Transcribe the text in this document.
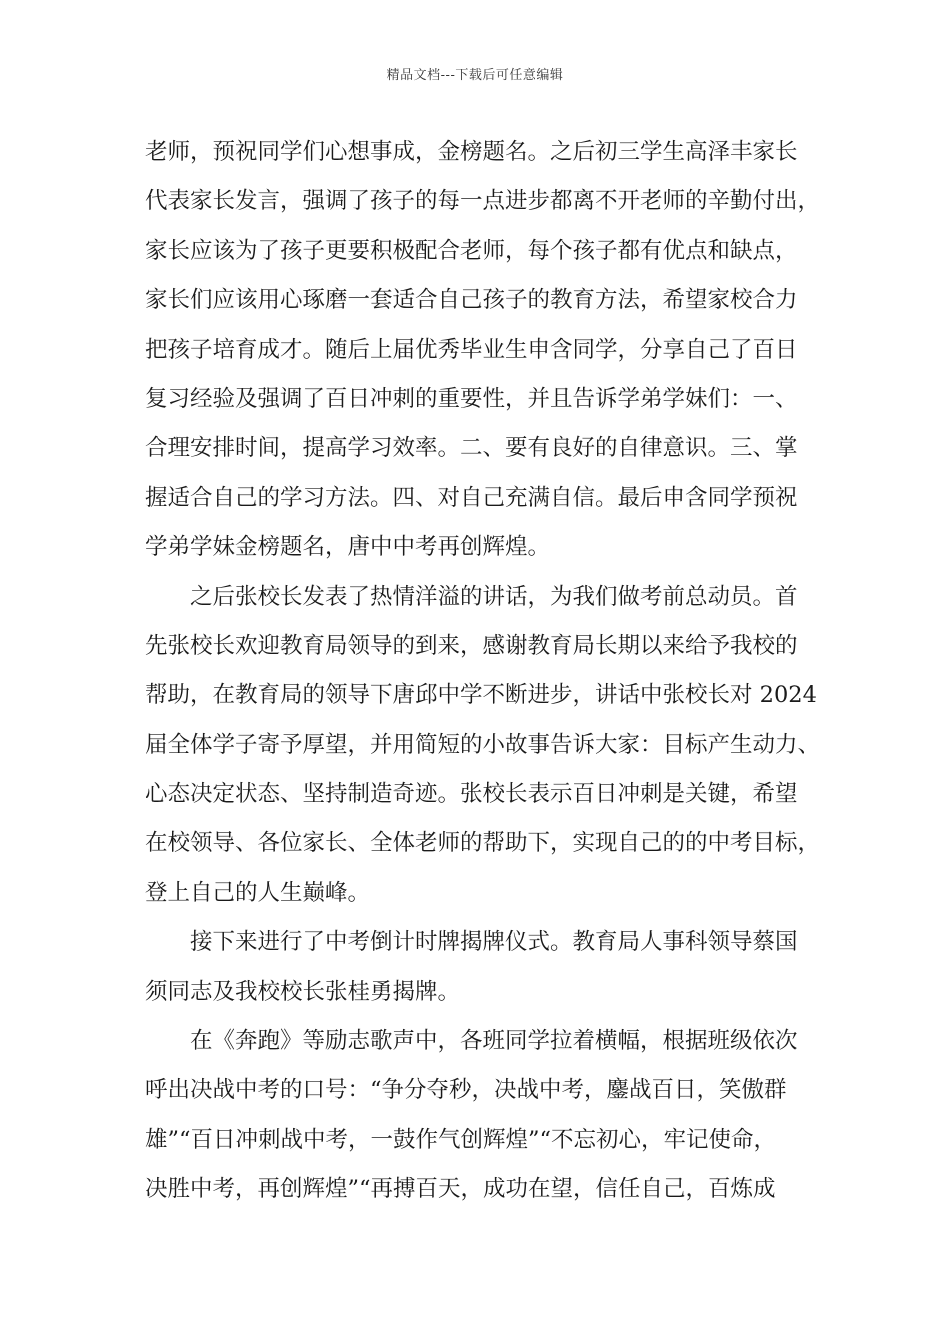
精品文档---下载后可任意编辑
老师，预祝同学们心想事成，金榜题名。之后初三学生高泽丰家长
代表家长发言，强调了孩子的每一点进步都离不开老师的辛勤付出，
家长应该为了孩子更要积极配合老师，每个孩子都有优点和缺点，
家长们应该用心琢磨一套适合自己孩子的教育方法，希望家校合力
把孩子培育成才。随后上届优秀毕业生申含同学，分享自己了百日
复习经验及强调了百日冲刺的重要性，并且告诉学弟学妹们：一、
合理安排时间，提高学习效率。二、要有良好的自律意识。三、掌
握适合自己的学习方法。四、对自己充满自信。最后申含同学预祝
学弟学妹金榜题名，唐中中考再创辉煌。
之后张校长发表了热情洋溢的讲话，为我们做考前总动员。首
先张校长欢迎教育局领导的到来，感谢教育局长期以来给予我校的
帮助，在教育局的领导下唐邱中学不断进步，讲话中张校长对 2024
届全体学子寄予厚望，并用简短的小故事告诉大家：目标产生动力、
心态决定状态、坚持制造奇迹。张校长表示百日冲刺是关键，希望
在校领导、各位家长、全体老师的帮助下，实现自己的的中考目标，
登上自己的人生巅峰。
接下来进行了中考倒计时牌揭牌仪式。教育局人事科领导蔡国
须同志及我校校长张桂勇揭牌。
在《奔跑》等励志歌声中，各班同学拉着横幅，根据班级依次
呼出决战中考的口号：“争分夺秒，决战中考，鏖战百日，笑傲群
雄”“百日冲刺战中考，一鼓作气创辉煌”“不忘初心，牢记使命，
决胜中考，再创辉煌”“再搏百天，成功在望，信任自己，百炼成
